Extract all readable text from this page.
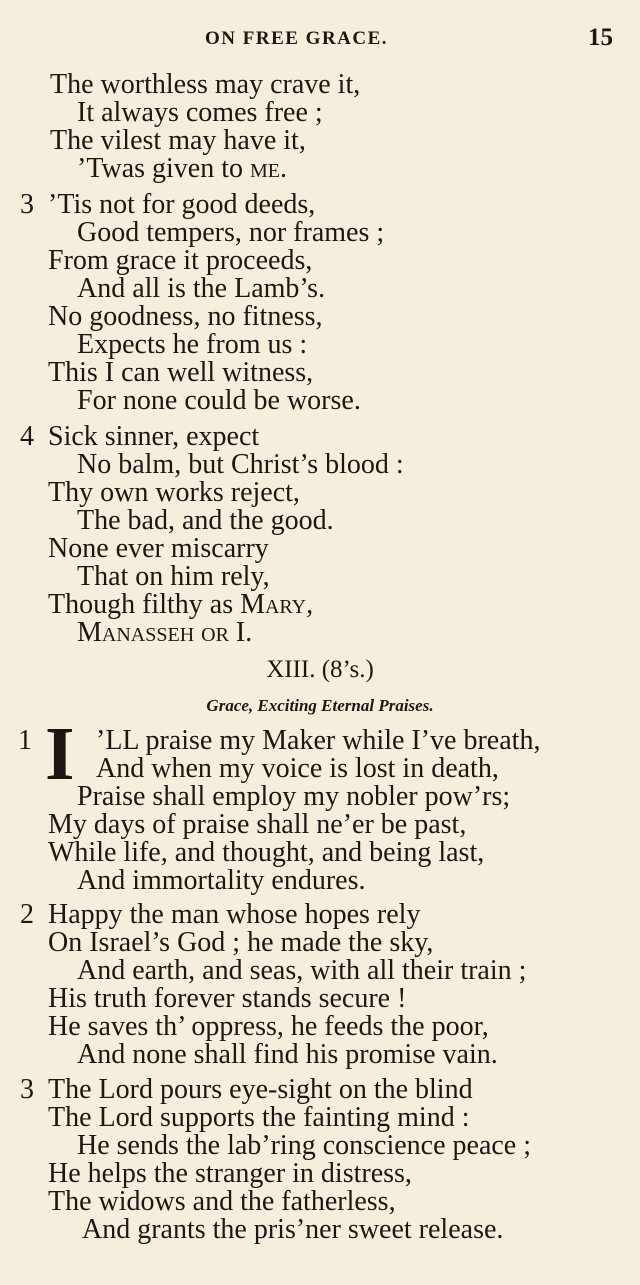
ON FREE GRACE.	15
The worthless may crave it,
It always comes free ;
The vilest may have it,
’Twas given to me.
3 ’Tis not for good deeds,
Good tempers, nor frames ;
From grace it proceeds,
And all is the Lamb’s.
No goodness, no fitness,
Expects he from us :
This I can well witness,
For none could be worse.
4 Sick sinner, expect
No balm, but Christ’s blood :
Thy own works reject,
The bad, and the good.
None ever miscarry
That on him rely,
Though filthy as Mary,
Manasseh or I.
XIII. (8’s.)
Grace, Exciting Eternal Praises.
1 I ’LL praise my Maker while I’ve breath,
And when my voice is lost in death,
Praise shall employ my nobler pow’rs;
My days of praise shall ne’er be past,
While life, and thought, and being last,
And immortality endures.
2 Happy the man whose hopes rely
On Israel’s God ; he made the sky,
And earth, and seas, with all their train ;
His truth forever stands secure !
He saves th’ oppress, he feeds the poor,
And none shall find his promise vain.
3 The Lord pours eye-sight on the blind
The Lord supports the fainting mind :
He sends the lab’ring conscience peace ;
He helps the stranger in distress,
The widows and the fatherless,
And grants the pris’ner sweet release.
